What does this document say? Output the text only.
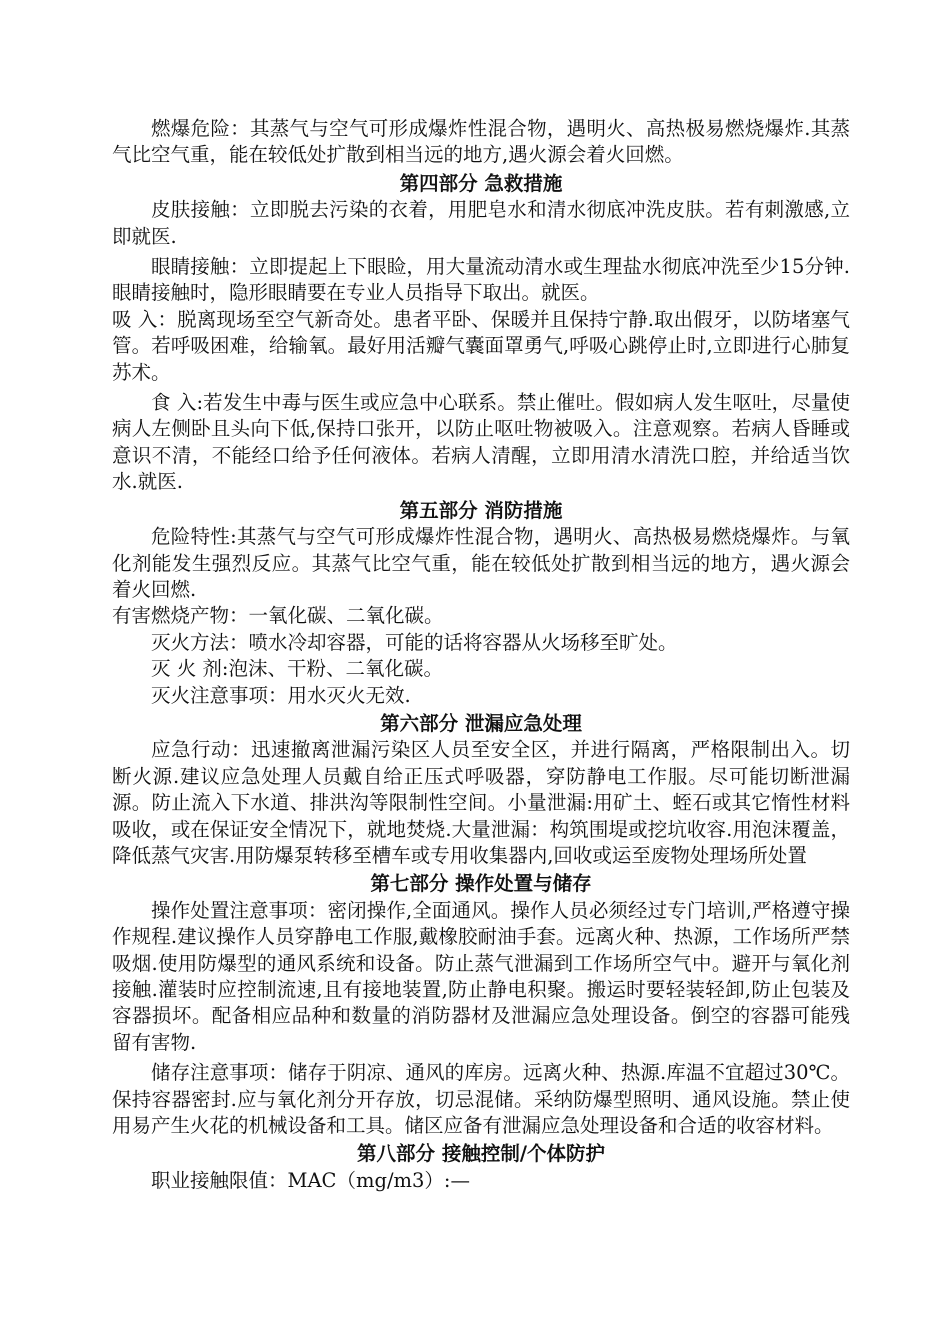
燃爆危险：其蒸气与空气可形成爆炸性混合物，遇明火、高热极易燃烧爆炸.其蒸气比空气重，能在较低处扩散到相当远的地方,遇火源会着火回燃。

第四部分 急救措施

皮肤接触：立即脱去污染的衣着，用肥皂水和清水彻底冲洗皮肤。若有刺激感,立即就医.

眼睛接触：立即提起上下眼睑，用大量流动清水或生理盐水彻底冲洗至少15分钟.眼睛接触时，隐形眼睛要在专业人员指导下取出。就医。

吸 入：脱离现场至空气新奇处。患者平卧、保暖并且保持宁静.取出假牙，以防堵塞气管。若呼吸困难，给输氧。最好用活瓣气囊面罩勇气,呼吸心跳停止时,立即进行心肺复苏术。

食 入:若发生中毒与医生或应急中心联系。禁止催吐。假如病人发生呕吐，尽量使病人左侧卧且头向下低,保持口张开，以防止呕吐物被吸入。注意观察。若病人昏睡或意识不清，不能经口给予任何液体。若病人清醒，立即用清水清洗口腔，并给适当饮水.就医.

第五部分 消防措施

危险特性:其蒸气与空气可形成爆炸性混合物，遇明火、高热极易燃烧爆炸。与氧化剂能发生强烈反应。其蒸气比空气重，能在较低处扩散到相当远的地方，遇火源会着火回燃.

有害燃烧产物：一氧化碳、二氧化碳。

灭火方法：喷水冷却容器，可能的话将容器从火场移至旷处。

灭 火 剂:泡沫、干粉、二氧化碳。

灭火注意事项：用水灭火无效.

第六部分 泄漏应急处理

应急行动：迅速撤离泄漏污染区人员至安全区，并进行隔离，严格限制出入。切断火源.建议应急处理人员戴自给正压式呼吸器，穿防静电工作服。尽可能切断泄漏源。防止流入下水道、排洪沟等限制性空间。小量泄漏:用矿土、蛭石或其它惰性材料吸收，或在保证安全情况下，就地焚烧.大量泄漏：构筑围堤或挖坑收容.用泡沫覆盖，降低蒸气灾害.用防爆泵转移至槽车或专用收集器内,回收或运至废物处理场所处置

第七部分 操作处置与储存

操作处置注意事项：密闭操作,全面通风。操作人员必须经过专门培训,严格遵守操作规程.建议操作人员穿静电工作服,戴橡胶耐油手套。远离火种、热源，工作场所严禁吸烟.使用防爆型的通风系统和设备。防止蒸气泄漏到工作场所空气中。避开与氧化剂接触.灌装时应控制流速,且有接地装置,防止静电积聚。搬运时要轻装轻卸,防止包装及容器损坏。配备相应品种和数量的消防器材及泄漏应急处理设备。倒空的容器可能残留有害物.

储存注意事项：储存于阴凉、通风的库房。远离火种、热源.库温不宜超过30℃。保持容器密封.应与氧化剂分开存放，切忌混储。采纳防爆型照明、通风设施。禁止使用易产生火花的机械设备和工具。储区应备有泄漏应急处理设备和合适的收容材料。

第八部分 接触控制/个体防护

职业接触限值：MAC（mg/m3）:—
